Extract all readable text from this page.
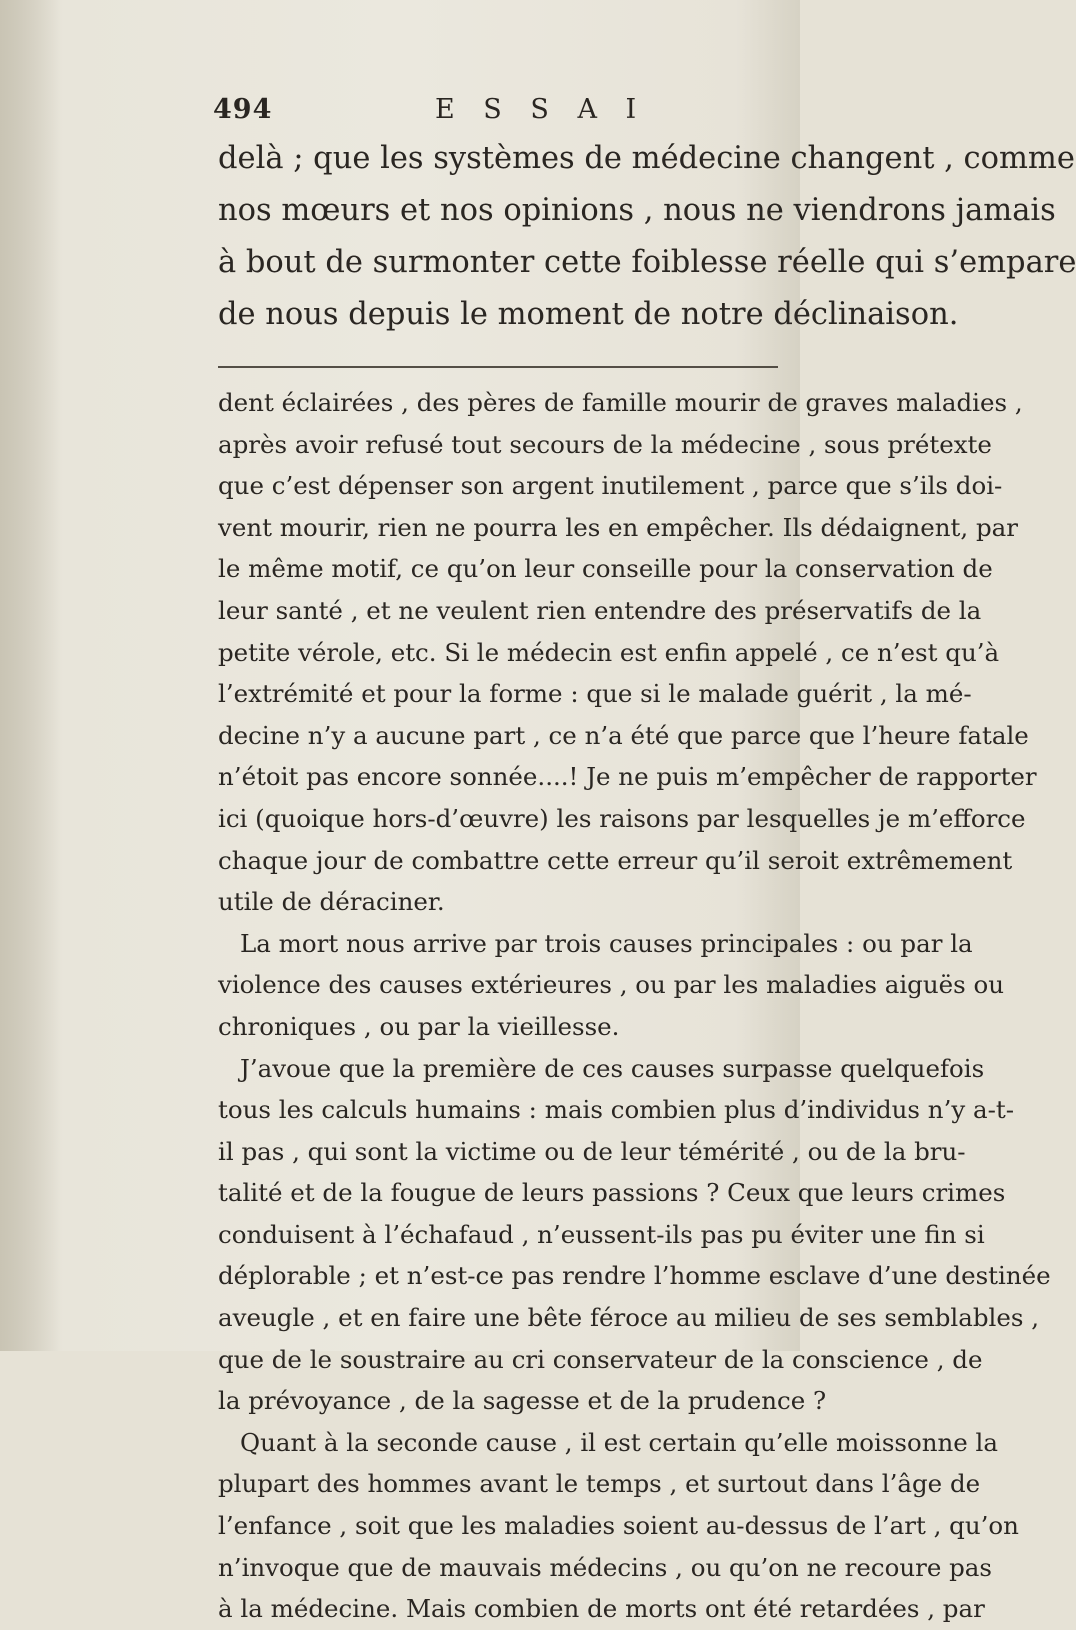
494	E S S A I
delà ; que les systèmes de médecine changent , comme
nos mœurs et nos opinions , nous ne viendrons jamais
à bout de surmonter cette foiblesse réelle qui s’empare
de nous depuis le moment de notre déclinaison.
dent éclairées , des pères de famille mourir de graves maladies ,
après avoir refusé tout secours de la médecine , sous prétexte
que c’est dépenser son argent inutilement , parce que s’ils doi-
vent mourir, rien ne pourra les en empêcher. Ils dédaignent, par
le même motif, ce qu’on leur conseille pour la conservation de
leur santé , et ne veulent rien entendre des préservatifs de la
petite vérole, etc. Si le médecin est enfin appelé , ce n’est qu’à
l’extrémité et pour la forme : que si le malade guérit , la mé-
decine n’y a aucune part , ce n’a été que parce que l’heure fatale
n’étoit pas encore sonnée....! Je ne puis m’empêcher de rapporter
ici (quoique hors-d’œuvre) les raisons par lesquelles je m’efforce
chaque jour de combattre cette erreur qu’il seroit extrêmement
utile de déraciner.
La mort nous arrive par trois causes principales : ou par la
violence des causes extérieures , ou par les maladies aiguës ou
chroniques , ou par la vieillesse.
J’avoue que la première de ces causes surpasse quelquefois
tous les calculs humains : mais combien plus d’individus n’y a-t-
il pas , qui sont la victime ou de leur témérité , ou de la bru-
talité et de la fougue de leurs passions ? Ceux que leurs crimes
conduisent à l’échafaud , n’eussent-ils pas pu éviter une fin si
déplorable ; et n’est-ce pas rendre l’homme esclave d’une destinée
aveugle , et en faire une bête féroce au milieu de ses semblables ,
que de le soustraire au cri conservateur de la conscience , de
la prévoyance , de la sagesse et de la prudence ?
Quant à la seconde cause , il est certain qu’elle moissonne la
plupart des hommes avant le temps , et surtout dans l’âge de
l’enfance , soit que les maladies soient au-dessus de l’art , qu’on
n’invoque que de mauvais médecins , ou qu’on ne recoure pas
à la médecine. Mais combien de morts ont été retardées , par
